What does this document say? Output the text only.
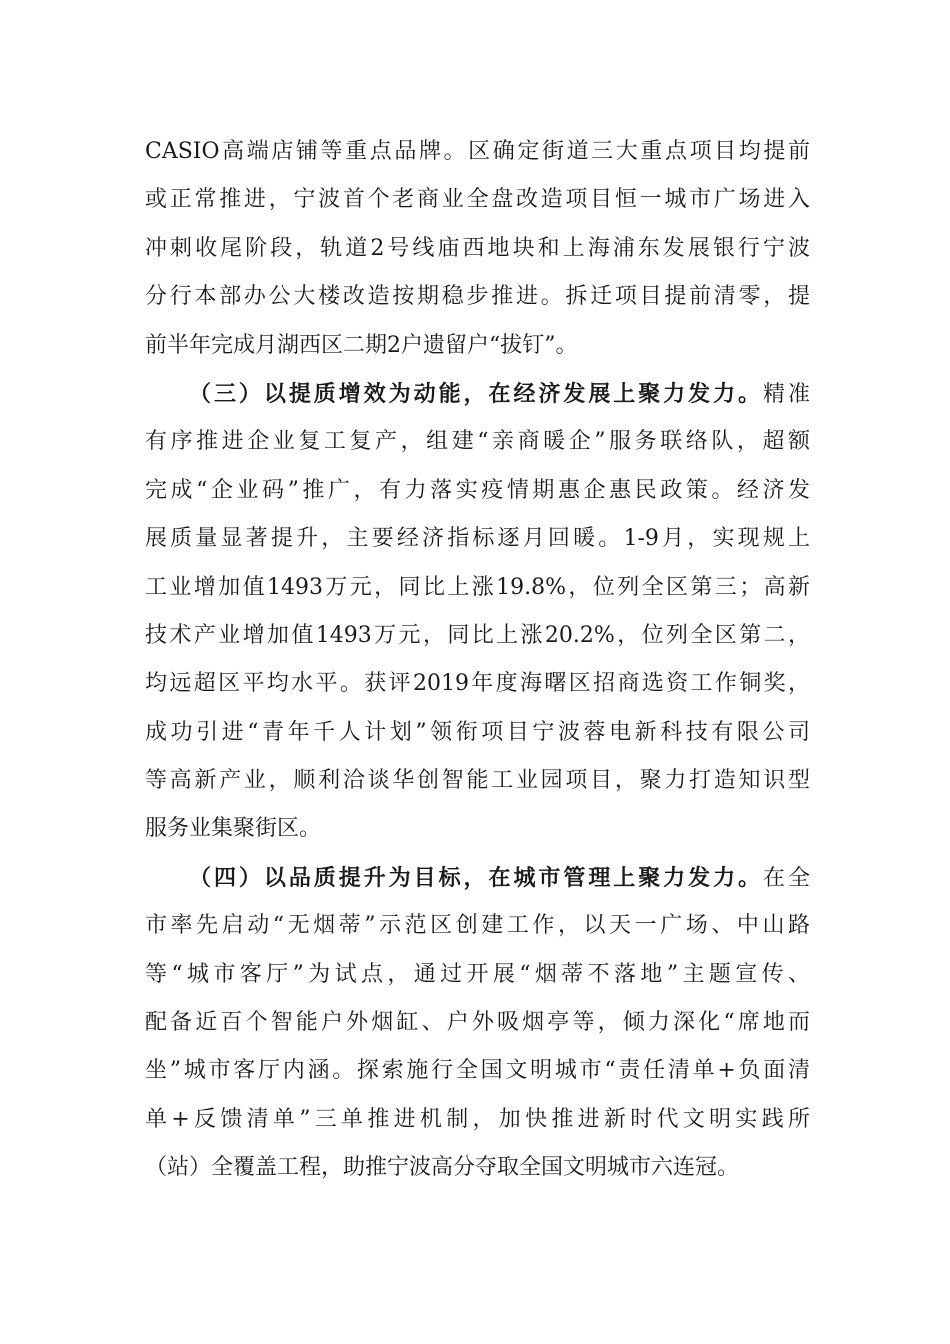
CASIO高端店铺等重点品牌。区确定街道三大重点项目均提前
或正常推进，宁波首个老商业全盘改造项目恒一城市广场进入
冲刺收尾阶段，轨道2号线庙西地块和上海浦东发展银行宁波
分行本部办公大楼改造按期稳步推进。拆迁项目提前清零，提
前半年完成月湖西区二期2户遗留户“拔钉”。
（三）以提质增效为动能，在经济发展上聚力发力。精准
有序推进企业复工复产，组建“亲商暖企”服务联络队，超额
完成“企业码”推广，有力落实疫情期惠企惠民政策。经济发
展质量显著提升，主要经济指标逐月回暖。1-9月，实现规上
工业增加值1493万元，同比上涨19.8%，位列全区第三；高新
技术产业增加值1493万元，同比上涨20.2%，位列全区第二，
均远超区平均水平。获评2019年度海曙区招商选资工作铜奖，
成功引进“青年千人计划”领衔项目宁波蓉电新科技有限公司
等高新产业，顺利洽谈华创智能工业园项目，聚力打造知识型
服务业集聚街区。
（四）以品质提升为目标，在城市管理上聚力发力。在全
市率先启动“无烟蒂”示范区创建工作，以天一广场、中山路
等“城市客厅”为试点，通过开展“烟蒂不落地”主题宣传、
配备近百个智能户外烟缸、户外吸烟亭等，倾力深化“席地而
坐”城市客厅内涵。探索施行全国文明城市“责任清单+负面清
单+反馈清单”三单推进机制，加快推进新时代文明实践所
（站）全覆盖工程，助推宁波高分夺取全国文明城市六连冠。
